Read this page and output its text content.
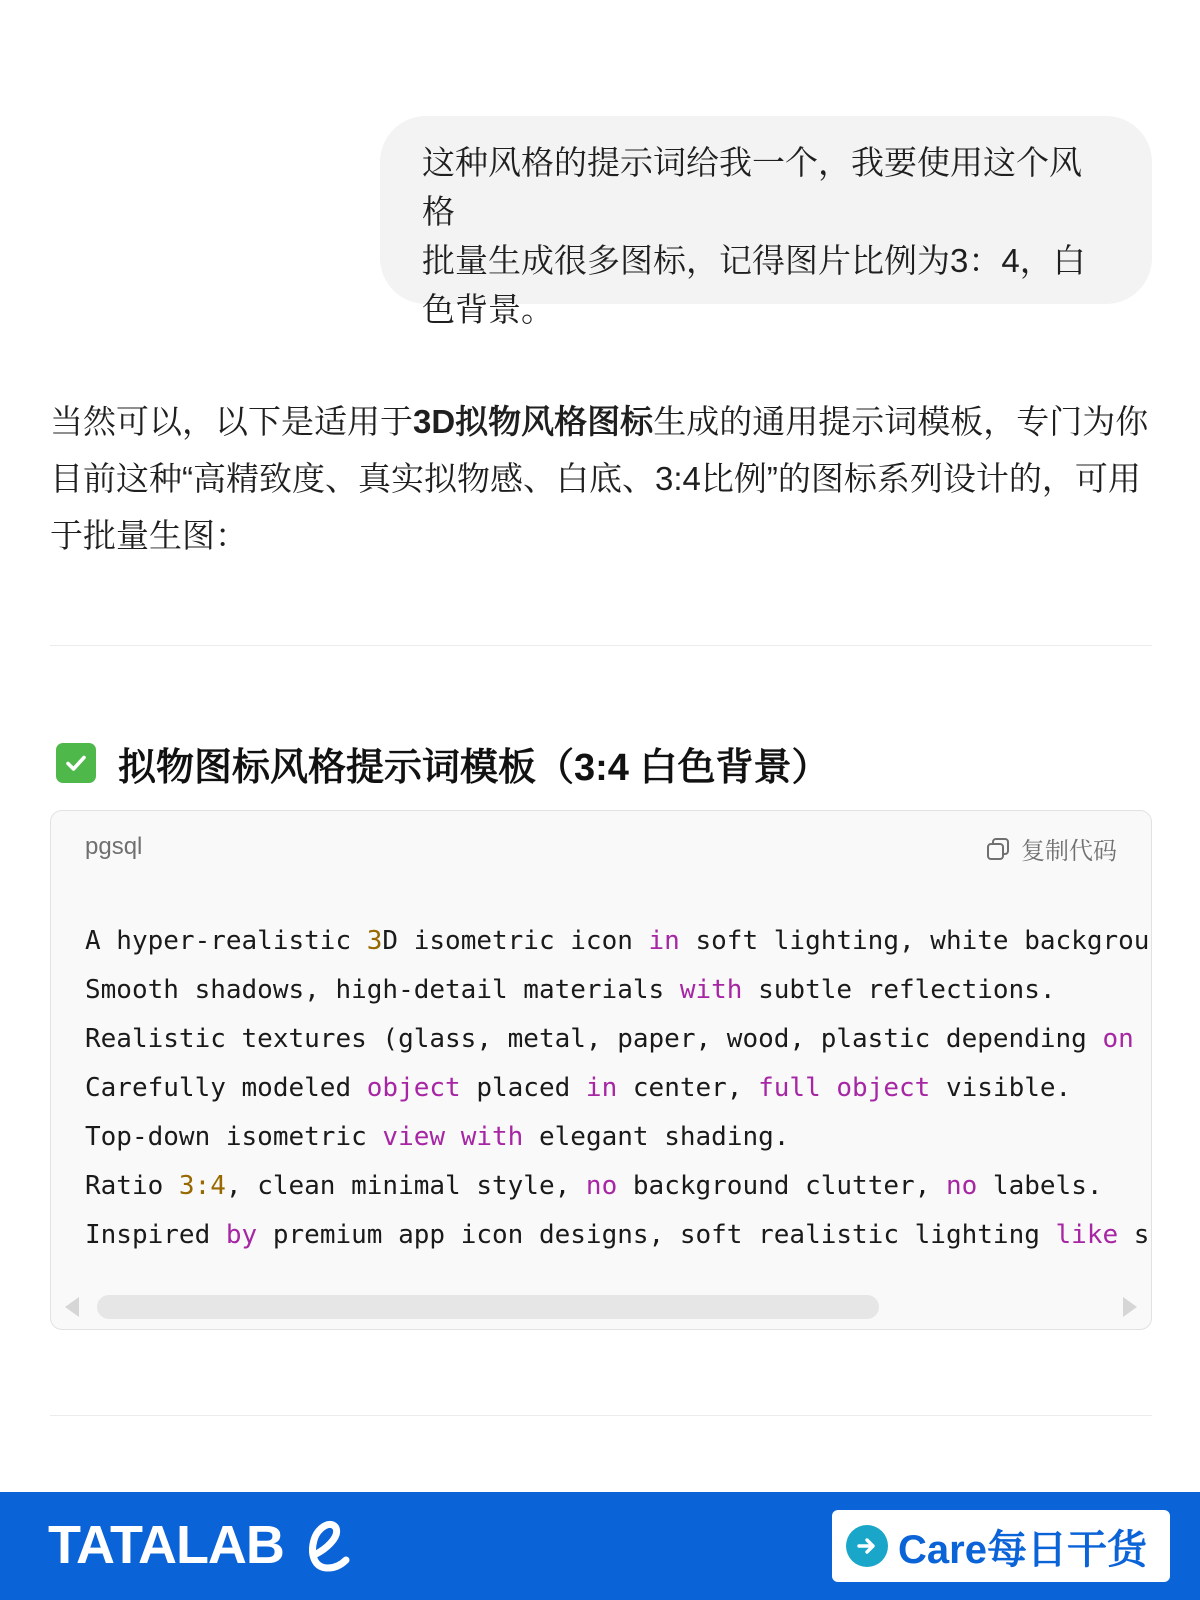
这种风格的提示词给我一个，我要使用这个风格
批量生成很多图标，记得图片比例为3：4，白
色背景。

当然可以，以下是适用于3D拟物风格图标生成的通用提示词模板，专门为你
目前这种“高精致度、真实拟物感、白底、3:4比例”的图标系列设计的，可用
于批量生图：

拟物图标风格提示词模板（3:4 白色背景）
pgsql	复制代码
A hyper-realistic 3D isometric icon in soft lighting, white backgrou
Smooth shadows, high-detail materials with subtle reflections.
Realistic textures (glass, metal, paper, wood, plastic depending on
Carefully modeled object placed in center, full object visible.
Top-down isometric view with elegant shading.
Ratio 3:4, clean minimal style, no background clutter, no labels.
Inspired by premium app icon designs, soft realistic lighting like s
TATALAB	Care每日干货
